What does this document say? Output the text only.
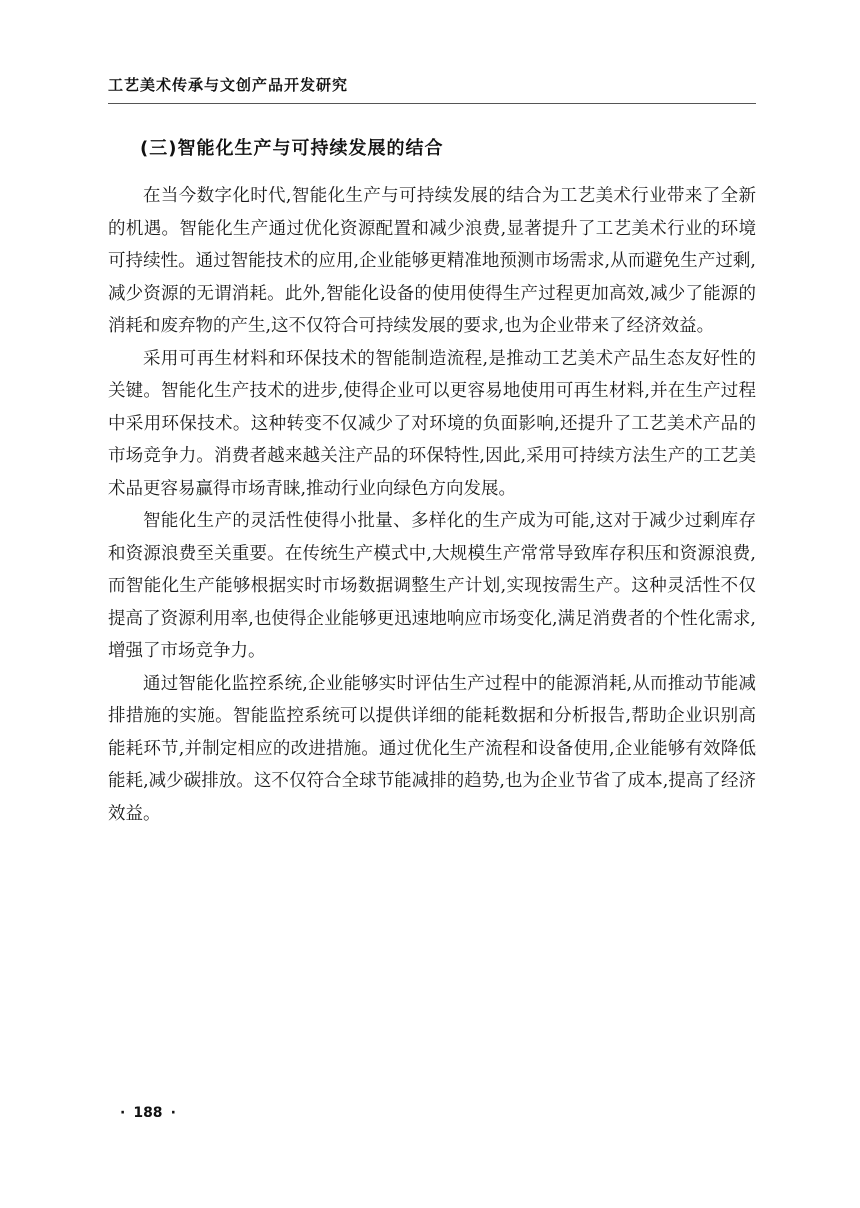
工艺美术传承与文创产品开发研究
(三)智能化生产与可持续发展的结合

在当今数字化时代,智能化生产与可持续发展的结合为工艺美术行业带来了全新的机遇。智能化生产通过优化资源配置和减少浪费,显著提升了工艺美术行业的环境可持续性。通过智能技术的应用,企业能够更精准地预测市场需求,从而避免生产过剩,减少资源的无谓消耗。此外,智能化设备的使用使得生产过程更加高效,减少了能源的消耗和废弃物的产生,这不仅符合可持续发展的要求,也为企业带来了经济效益。

采用可再生材料和环保技术的智能制造流程,是推动工艺美术产品生态友好性的关键。智能化生产技术的进步,使得企业可以更容易地使用可再生材料,并在生产过程中采用环保技术。这种转变不仅减少了对环境的负面影响,还提升了工艺美术产品的市场竞争力。消费者越来越关注产品的环保特性,因此,采用可持续方法生产的工艺美术品更容易赢得市场青睐,推动行业向绿色方向发展。

智能化生产的灵活性使得小批量、多样化的生产成为可能,这对于减少过剩库存和资源浪费至关重要。在传统生产模式中,大规模生产常常导致库存积压和资源浪费,而智能化生产能够根据实时市场数据调整生产计划,实现按需生产。这种灵活性不仅提高了资源利用率,也使得企业能够更迅速地响应市场变化,满足消费者的个性化需求,增强了市场竞争力。

通过智能化监控系统,企业能够实时评估生产过程中的能源消耗,从而推动节能减排措施的实施。智能监控系统可以提供详细的能耗数据和分析报告,帮助企业识别高能耗环节,并制定相应的改进措施。通过优化生产流程和设备使用,企业能够有效降低能耗,减少碳排放。这不仅符合全球节能减排的趋势,也为企业节省了成本,提高了经济效益。

· 188 ·
